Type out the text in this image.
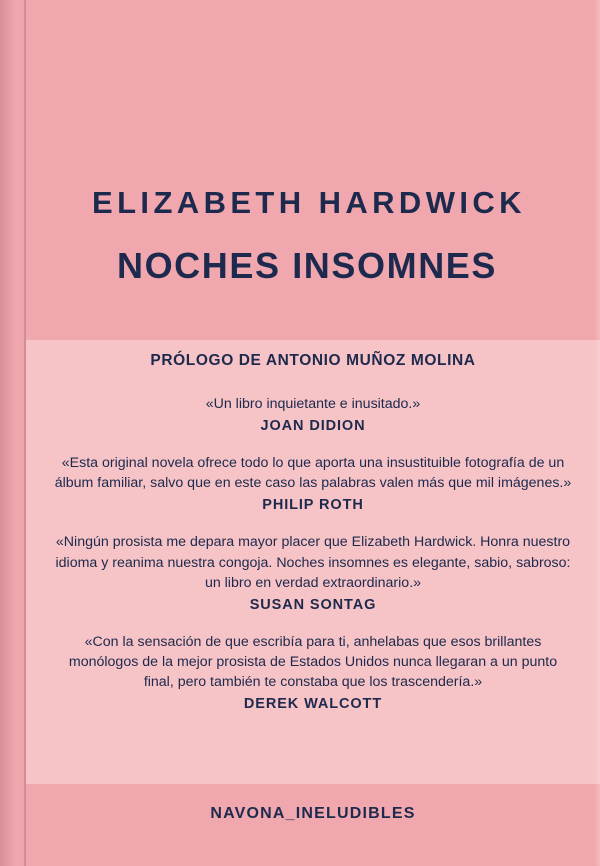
ELIZABETH HARDWICK
NOCHES INSOMNES
PRÓLOGO DE ANTONIO MUÑOZ MOLINA

«Un libro inquietante e inusitado.»

JOAN DIDION

«Esta original novela ofrece todo lo que aporta una insustituible fotografía de un álbum familiar, salvo que en este caso las palabras valen más que mil imágenes.»

PHILIP ROTH

«Ningún prosista me depara mayor placer que Elizabeth Hardwick. Honra nuestro idioma y reanima nuestra congoja. Noches insomnes es elegante, sabio, sabroso: un libro en verdad extraordinario.»

SUSAN SONTAG

«Con la sensación de que escribía para ti, anhelabas que esos brillantes monólogos de la mejor prosista de Estados Unidos nunca llegaran a un punto final, pero también te constaba que los trascendería.»

DEREK WALCOTT

NAVONA_INELUDIBLES
